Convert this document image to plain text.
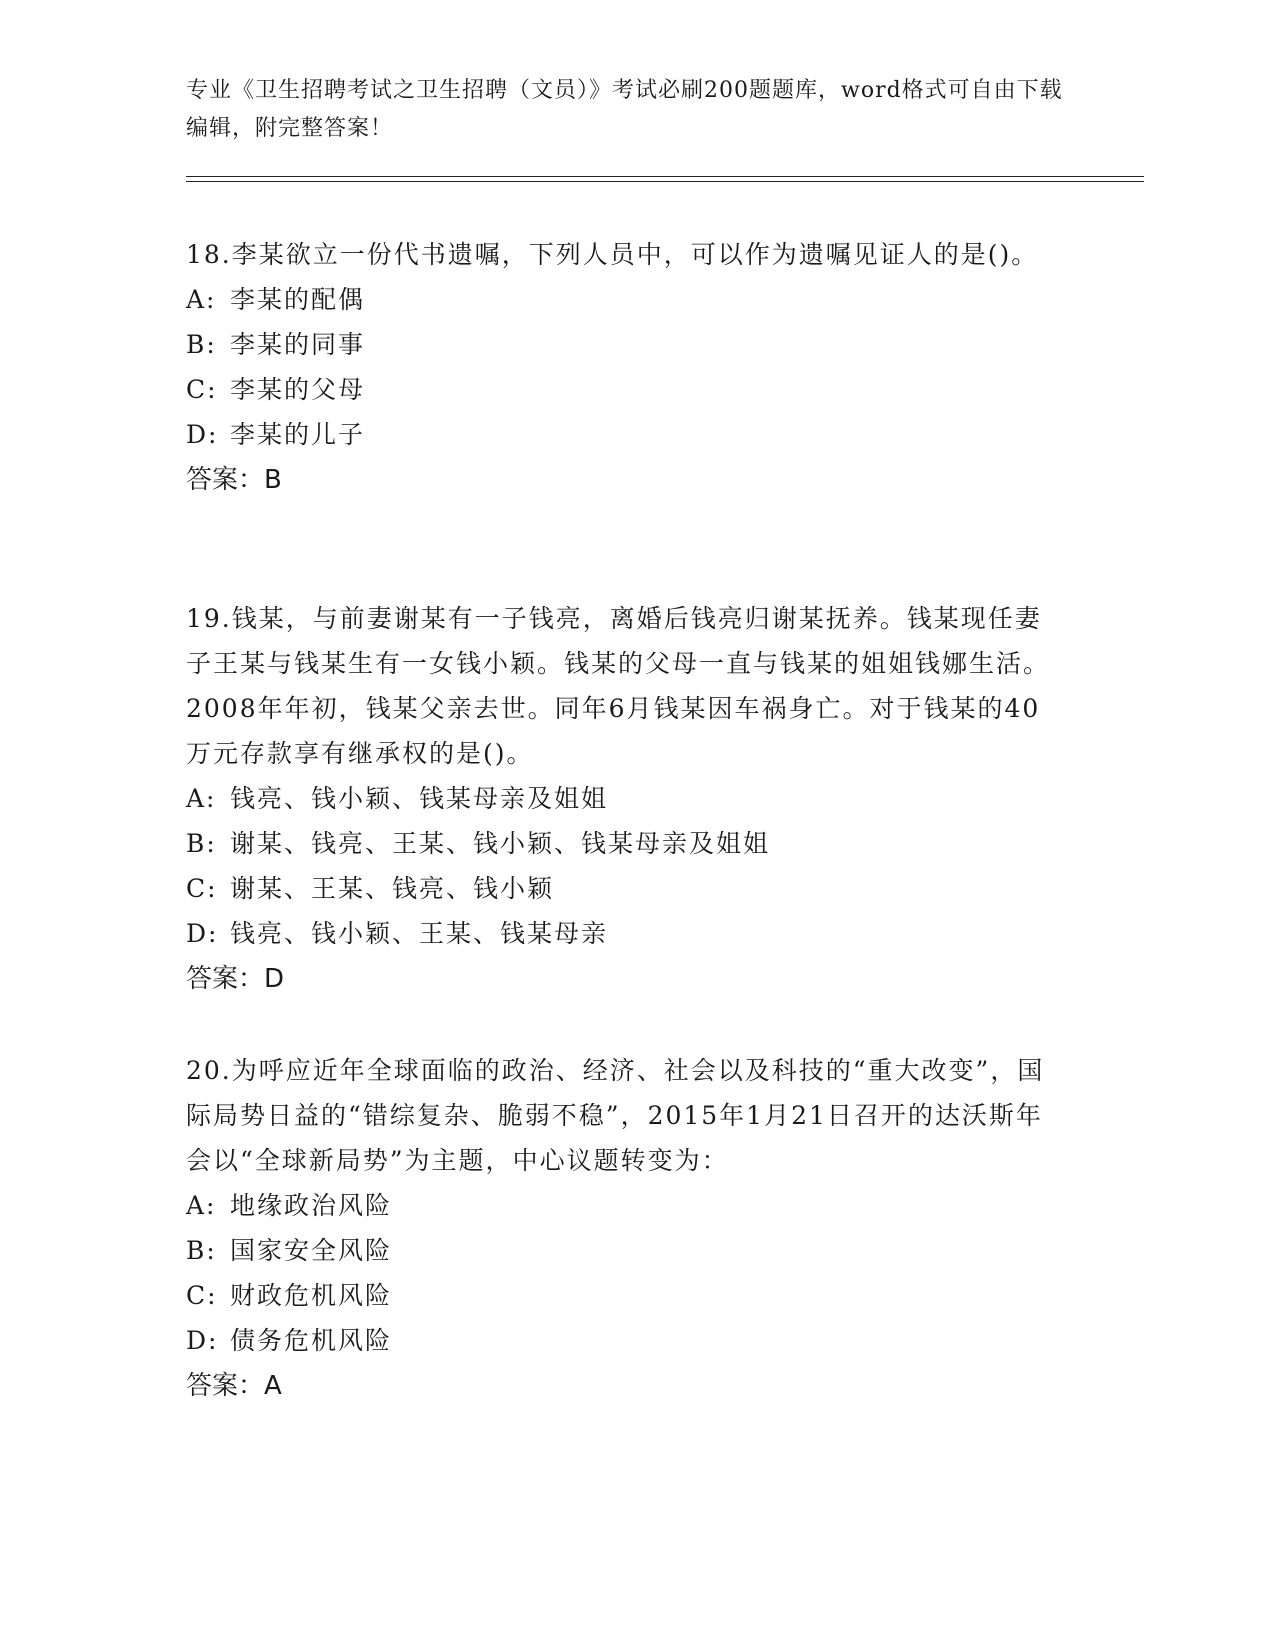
专业《卫生招聘考试之卫生招聘（文员）》考试必刷200题题库，word格式可自由下载编辑，附完整答案！

18.李某欲立一份代书遗嘱，下列人员中，可以作为遗嘱见证人的是()。

A: 李某的配偶

B: 李某的同事

C: 李某的父母

D: 李某的儿子

答案：B

19.钱某，与前妻谢某有一子钱亮，离婚后钱亮归谢某抚养。钱某现任妻子王某与钱某生有一女钱小颖。钱某的父母一直与钱某的姐姐钱娜生活。2008年年初，钱某父亲去世。同年6月钱某因车祸身亡。对于钱某的40万元存款享有继承权的是()。

A: 钱亮、钱小颖、钱某母亲及姐姐

B: 谢某、钱亮、王某、钱小颖、钱某母亲及姐姐

C: 谢某、王某、钱亮、钱小颖

D: 钱亮、钱小颖、王某、钱某母亲

答案：D

20.为呼应近年全球面临的政治、经济、社会以及科技的“重大改变”，国际局势日益的“错综复杂、脆弱不稳”，2015年1月21日召开的达沃斯年会以“全球新局势”为主题，中心议题转变为：

A: 地缘政治风险

B: 国家安全风险

C: 财政危机风险

D: 债务危机风险

答案：A
